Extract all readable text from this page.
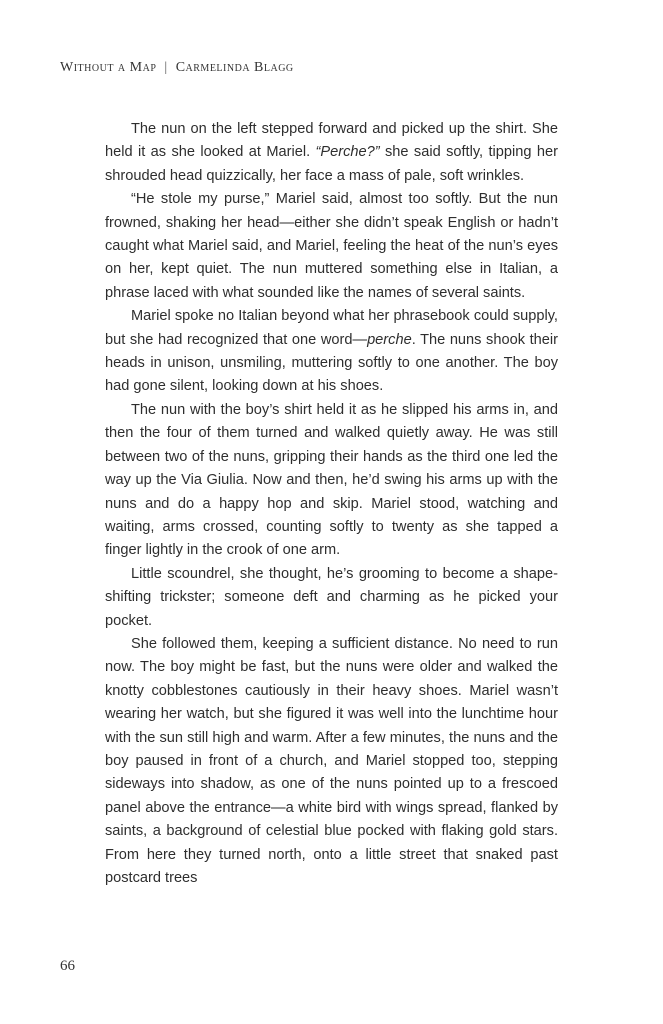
Without a Map | Carmelinda Blagg

The nun on the left stepped forward and picked up the shirt. She held it as she looked at Mariel. “Perche?” she said softly, tipping her shrouded head quizzically, her face a mass of pale, soft wrinkles.

“He stole my purse,” Mariel said, almost too softly. But the nun frowned, shaking her head—either she didn’t speak English or hadn’t caught what Mariel said, and Mariel, feeling the heat of the nun’s eyes on her, kept quiet. The nun muttered something else in Italian, a phrase laced with what sounded like the names of several saints.

Mariel spoke no Italian beyond what her phrasebook could supply, but she had recognized that one word—perche. The nuns shook their heads in unison, unsmiling, muttering softly to one another. The boy had gone silent, looking down at his shoes.

The nun with the boy’s shirt held it as he slipped his arms in, and then the four of them turned and walked quietly away. He was still between two of the nuns, gripping their hands as the third one led the way up the Via Giulia. Now and then, he’d swing his arms up with the nuns and do a happy hop and skip. Mariel stood, watching and waiting, arms crossed, counting softly to twenty as she tapped a finger lightly in the crook of one arm.

Little scoundrel, she thought, he’s grooming to become a shape-shifting trickster; someone deft and charming as he picked your pocket.

She followed them, keeping a sufficient distance. No need to run now. The boy might be fast, but the nuns were older and walked the knotty cobblestones cautiously in their heavy shoes. Mariel wasn’t wearing her watch, but she figured it was well into the lunchtime hour with the sun still high and warm. After a few minutes, the nuns and the boy paused in front of a church, and Mariel stopped too, stepping sideways into shadow, as one of the nuns pointed up to a frescoed panel above the entrance—a white bird with wings spread, flanked by saints, a background of celestial blue pocked with flaking gold stars. From here they turned north, onto a little street that snaked past postcard trees

66
